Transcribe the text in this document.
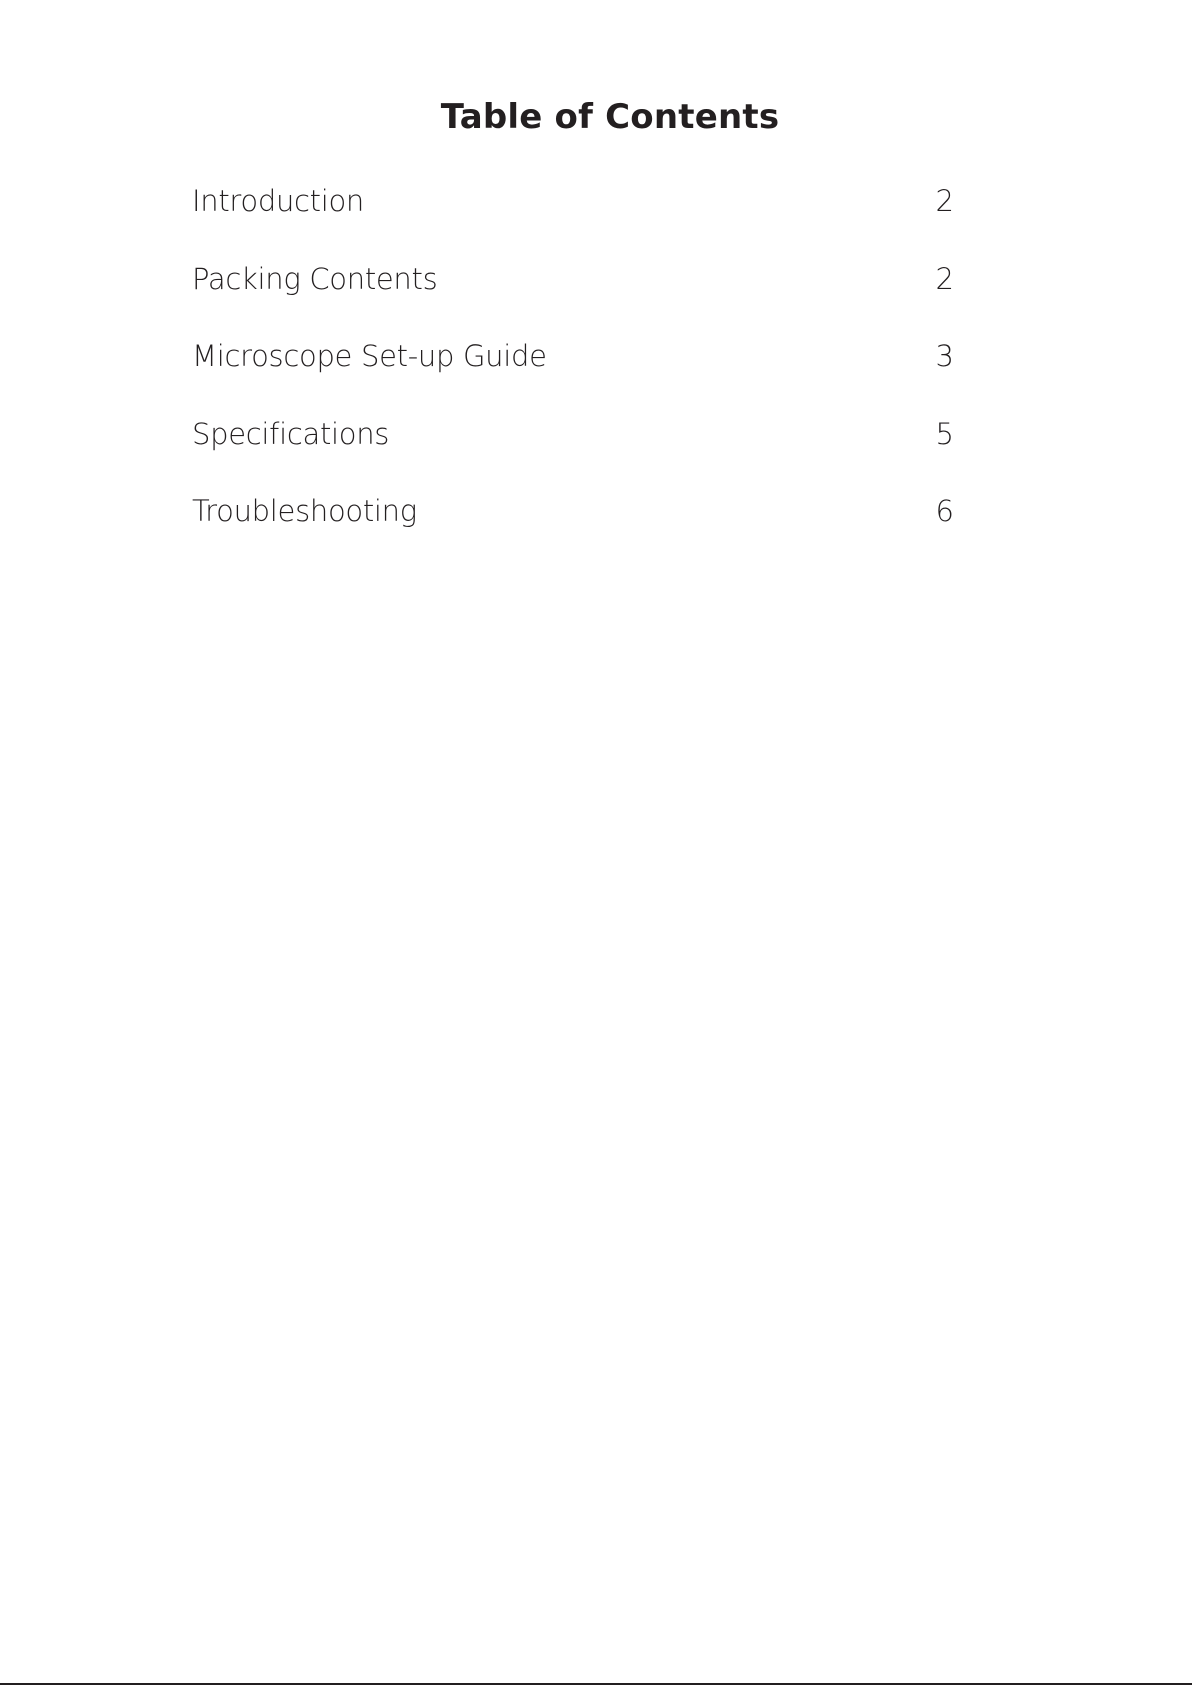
Table of Contents
Introduction	2
Packing Contents	2
Microscope Set-up Guide	3
Specifications	5
Troubleshooting	6
